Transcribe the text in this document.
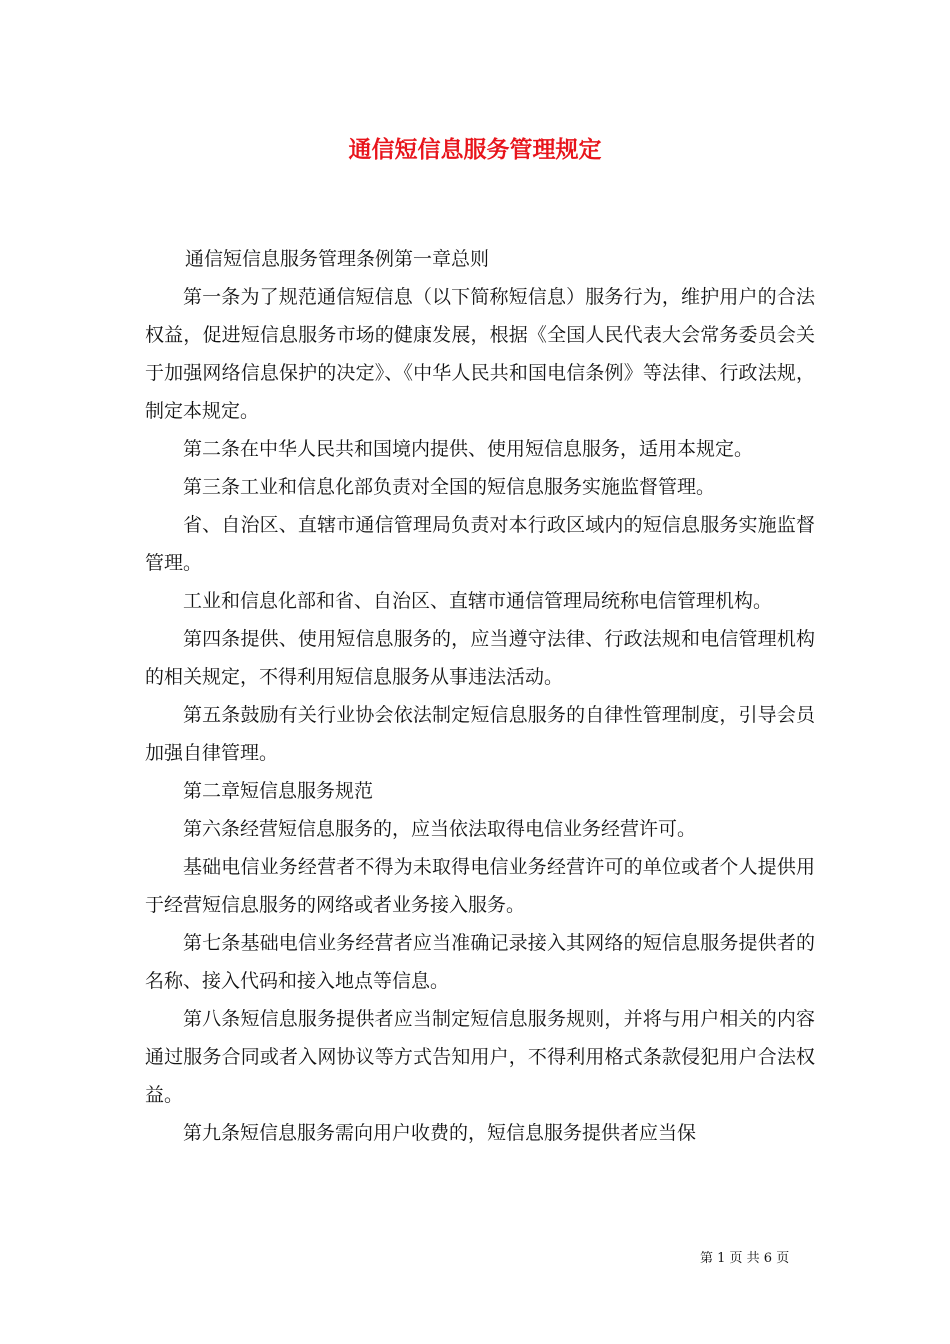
通信短信息服务管理规定

通信短信息服务管理条例第一章总则

第一条为了规范通信短信息（以下简称短信息）服务行为，维护用户的合法权益，促进短信息服务市场的健康发展，根据《全国人民代表大会常务委员会关于加强网络信息保护的决定》、《中华人民共和国电信条例》等法律、行政法规，制定本规定。

第二条在中华人民共和国境内提供、使用短信息服务，适用本规定。

第三条工业和信息化部负责对全国的短信息服务实施监督管理。

省、自治区、直辖市通信管理局负责对本行政区域内的短信息服务实施监督管理。

工业和信息化部和省、自治区、直辖市通信管理局统称电信管理机构。

第四条提供、使用短信息服务的，应当遵守法律、行政法规和电信管理机构的相关规定，不得利用短信息服务从事违法活动。

第五条鼓励有关行业协会依法制定短信息服务的自律性管理制度，引导会员加强自律管理。

第二章短信息服务规范

第六条经营短信息服务的，应当依法取得电信业务经营许可。

基础电信业务经营者不得为未取得电信业务经营许可的单位或者个人提供用于经营短信息服务的网络或者业务接入服务。

第七条基础电信业务经营者应当准确记录接入其网络的短信息服务提供者的名称、接入代码和接入地点等信息。

第八条短信息服务提供者应当制定短信息服务规则，并将与用户相关的内容通过服务合同或者入网协议等方式告知用户，不得利用格式条款侵犯用户合法权益。

第九条短信息服务需向用户收费的，短信息服务提供者应当保

第 1 页 共 6 页
